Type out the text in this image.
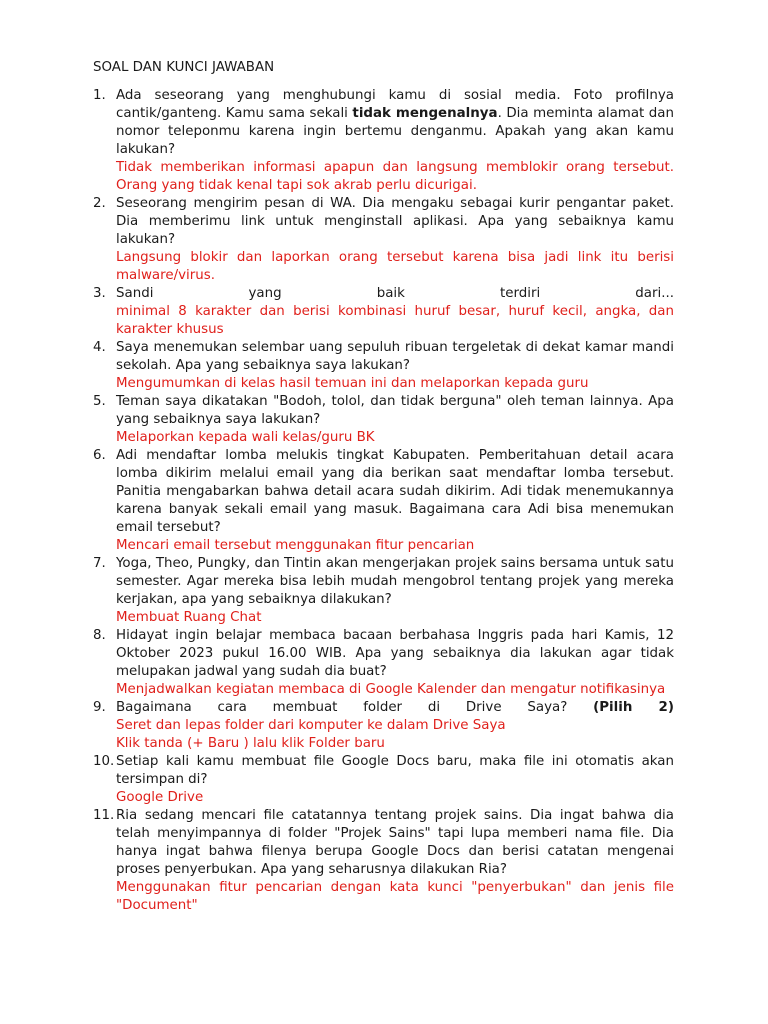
SOAL DAN KUNCI JAWABAN
1. Ada seseorang yang menghubungi kamu di sosial media. Foto profilnya cantik/ganteng. Kamu sama sekali tidak mengenalnya. Dia meminta alamat dan nomor teleponmu karena ingin bertemu denganmu. Apakah yang akan kamu lakukan?
Tidak memberikan informasi apapun dan langsung memblokir orang tersebut. Orang yang tidak kenal tapi sok akrab perlu dicurigai.
2. Seseorang mengirim pesan di WA. Dia mengaku sebagai kurir pengantar paket. Dia memberimu link untuk menginstall aplikasi. Apa yang sebaiknya kamu lakukan?
Langsung blokir dan laporkan orang tersebut karena bisa jadi link itu berisi malware/virus.
3. Sandi yang baik terdiri dari...
minimal 8 karakter dan berisi kombinasi huruf besar, huruf kecil, angka, dan karakter khusus
4. Saya menemukan selembar uang sepuluh ribuan tergeletak di dekat kamar mandi sekolah. Apa yang sebaiknya saya lakukan?
Mengumumkan di kelas hasil temuan ini dan melaporkan kepada guru
5. Teman saya dikatakan "Bodoh, tolol, dan tidak berguna" oleh teman lainnya. Apa yang sebaiknya saya lakukan?
Melaporkan kepada wali kelas/guru BK
6. Adi mendaftar lomba melukis tingkat Kabupaten. Pemberitahuan detail acara lomba dikirim melalui email yang dia berikan saat mendaftar lomba tersebut. Panitia mengabarkan bahwa detail acara sudah dikirim. Adi tidak menemukannya karena banyak sekali email yang masuk. Bagaimana cara Adi bisa menemukan email tersebut?
Mencari email tersebut menggunakan fitur pencarian
7. Yoga, Theo, Pungky, dan Tintin akan mengerjakan projek sains bersama untuk satu semester. Agar mereka bisa lebih mudah mengobrol tentang projek yang mereka kerjakan, apa yang sebaiknya dilakukan?
Membuat Ruang Chat
8. Hidayat ingin belajar membaca bacaan berbahasa Inggris pada hari Kamis, 12 Oktober 2023 pukul 16.00 WIB. Apa yang sebaiknya dia lakukan agar tidak melupakan jadwal yang sudah dia buat?
Menjadwalkan kegiatan membaca di Google Kalender dan mengatur notifikasinya
9. Bagaimana cara membuat folder di Drive Saya? (Pilih 2)
Seret dan lepas folder dari komputer ke dalam Drive Saya
Klik tanda (+ Baru ) lalu klik Folder baru
10. Setiap kali kamu membuat file Google Docs baru, maka file ini otomatis akan tersimpan di?
Google Drive
11. Ria sedang mencari file catatannya tentang projek sains. Dia ingat bahwa dia telah menyimpannya di folder "Projek Sains" tapi lupa memberi nama file. Dia hanya ingat bahwa filenya berupa Google Docs dan berisi catatan mengenai proses penyerbukan. Apa yang seharusnya dilakukan Ria?
Menggunakan fitur pencarian dengan kata kunci "penyerbukan" dan jenis file "Document"
